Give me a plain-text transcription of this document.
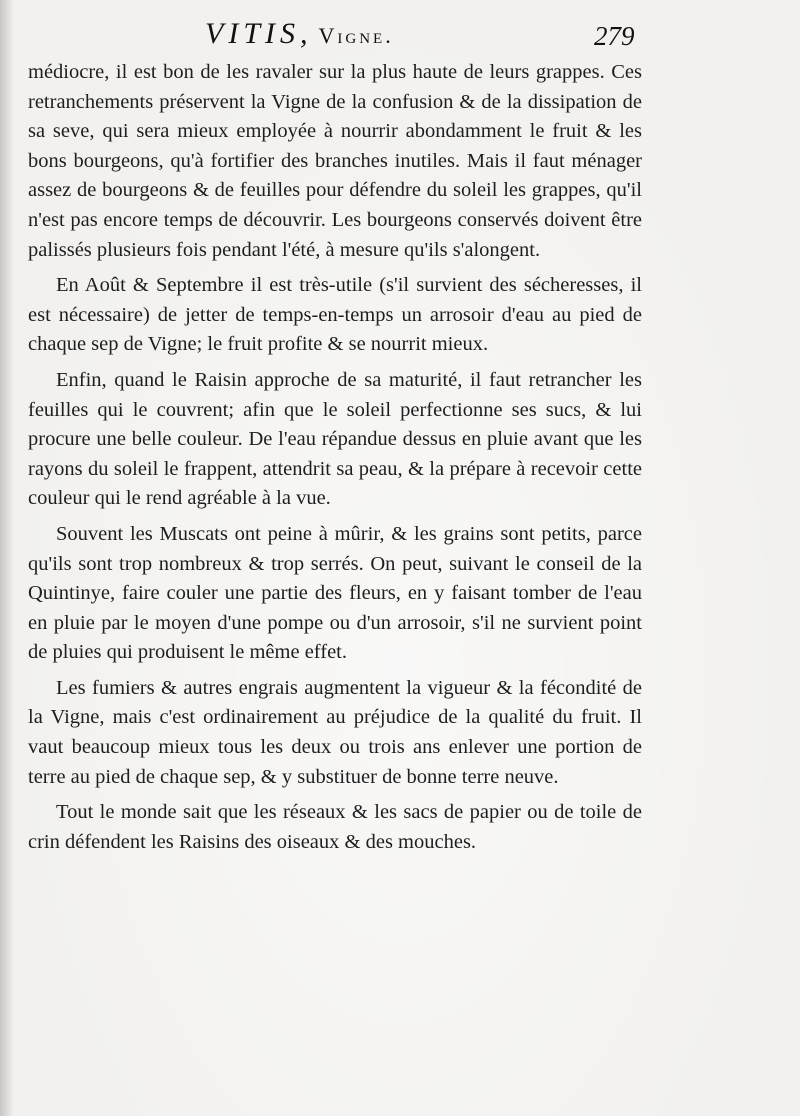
VITIS, Vigne.	279

médiocre, il est bon de les ravaler sur la plus haute de leurs grappes. Ces retranchements préservent la Vigne de la confusion & de la dissipation de sa seve, qui sera mieux employée à nourrir abondamment le fruit & les bons bourgeons, qu'à fortifier des branches inutiles. Mais il faut ménager assez de bourgeons & de feuilles pour défendre du soleil les grappes, qu'il n'est pas encore temps de découvrir. Les bourgeons conservés doivent être palissés plusieurs fois pendant l'été, à mesure qu'ils s'alongent.

En Août & Septembre il est très-utile (s'il survient des sécheresses, il est nécessaire) de jetter de temps-en-temps un arrosoir d'eau au pied de chaque sep de Vigne; le fruit profite & se nourrit mieux.

Enfin, quand le Raisin approche de sa maturité, il faut retrancher les feuilles qui le couvrent; afin que le soleil perfectionne ses sucs, & lui procure une belle couleur. De l'eau répandue dessus en pluie avant que les rayons du soleil le frappent, attendrit sa peau, & la prépare à recevoir cette couleur qui le rend agréable à la vue.

Souvent les Muscats ont peine à mûrir, & les grains sont petits, parce qu'ils sont trop nombreux & trop serrés. On peut, suivant le conseil de la Quintinye, faire couler une partie des fleurs, en y faisant tomber de l'eau en pluie par le moyen d'une pompe ou d'un arrosoir, s'il ne survient point de pluies qui produisent le même effet.

Les fumiers & autres engrais augmentent la vigueur & la fécondité de la Vigne, mais c'est ordinairement au préjudice de la qualité du fruit. Il vaut beaucoup mieux tous les deux ou trois ans enlever une portion de terre au pied de chaque sep, & y substituer de bonne terre neuve.

Tout le monde sait que les réseaux & les sacs de papier ou de toile de crin défendent les Raisins des oiseaux & des mouches.
